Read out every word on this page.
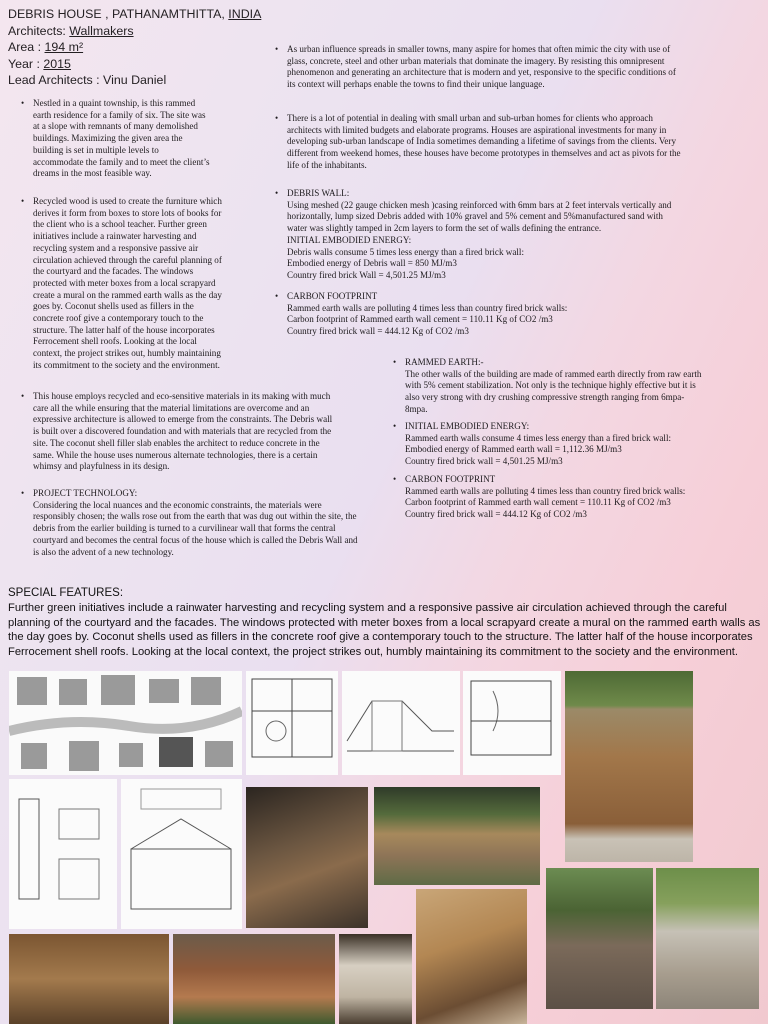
DEBRIS HOUSE , PATHANAMTHITTA, INDIA
Architects: Wallmakers
Area : 194 m²
Year : 2015
Lead Architects : Vinu Daniel
• Nestled in a quaint township, is this rammed
earth residence for a family of six. The site was
at a slope with remnants of many demolished
buildings. Maximizing the given area the
building is set in multiple levels to
accommodate the family and to meet the client’s
dreams in the most feasible way.
• Recycled wood is used to create the furniture which
derives it form from boxes to store lots of books for
the client who is a school teacher. Further green
initiatives include a rainwater harvesting and
recycling system and a responsive passive air
circulation achieved through the careful planning of
the courtyard and the facades. The windows
protected with meter boxes from a local scrapyard
create a mural on the rammed earth walls as the day
goes by. Coconut shells used as fillers in the
concrete roof give a contemporary touch to the
structure. The latter half of the house incorporates
Ferrocement shell roofs. Looking at the local
context, the project strikes out, humbly maintaining
its commitment to the society and the environment.
• This house employs recycled and eco-sensitive materials in its making with much
care all the while ensuring that the material limitations are overcome and an
expressive architecture is allowed to emerge from the constraints. The Debris wall
is built over a discovered foundation and with materials that are recycled from the
site. The coconut shell filler slab enables the architect to reduce concrete in the
same. While the house uses numerous alternate technologies, there is a certain
whimsy and playfulness in its design.
• PROJECT TECHNOLOGY:
Considering the local nuances and the economic constraints, the materials were
responsibly chosen; the walls rose out from the earth that was dug out within the site, the
debris from the earlier building is turned to a curvilinear wall that forms the central
courtyard and becomes the central focus of the house which is called the Debris Wall and
is also the advent of a new technology.
• As urban influence spreads in smaller towns, many aspire for homes that often mimic the city with use of
glass, concrete, steel and other urban materials that dominate the imagery. By resisting this omnipresent
phenomenon and generating an architecture that is modern and yet, responsive to the specific conditions of
its context will perhaps enable the towns to find their unique language.
• There is a lot of potential in dealing with small urban and sub-urban homes for clients who approach
architects with limited budgets and elaborate programs. Houses are aspirational investments for many in
developing sub-urban landscape of India sometimes demanding a lifetime of savings from the clients. Very
different from weekend homes, these houses have become prototypes in themselves and act as pivots for the
life of the inhabitants.
• DEBRIS WALL:
Using meshed (22 gauge chicken mesh )casing reinforced with 6mm bars at 2 feet intervals vertically and
horizontally, lump sized Debris added with 10% gravel and 5% cement and 5%manufactured sand with
water was slightly tamped in 2cm layers to form the set of walls defining the entrance.
INITIAL EMBODIED ENERGY:
Debris walls consume 5 times less energy than a fired brick wall:
Embodied energy of Debris wall = 850 MJ/m3
Country fired brick Wall = 4,501.25 MJ/m3
• CARBON FOOTPRINT
Rammed earth walls are polluting 4 times less than country fired brick walls:
Carbon footprint of Rammed earth wall cement = 110.11 Kg of CO2 /m3
Country fired brick wall = 444.12 Kg of CO2 /m3
• RAMMED EARTH:-
The other walls of the building are made of rammed earth directly from raw earth
with 5% cement stabilization. Not only is the technique highly effective but it is
also very strong with dry crushing compressive strength ranging from 6mpa-
8mpa.
• INITIAL EMBODIED ENERGY:
Rammed earth walls consume 4 times less energy than a fired brick wall:
Embodied energy of Rammed earth wall = 1,112.36 MJ/m3
Country fired brick wall = 4,501.25 MJ/m3
• CARBON FOOTPRINT
Rammed earth walls are polluting 4 times less than country fired brick walls:
Carbon footprint of Rammed earth wall cement = 110.11 Kg of CO2 /m3
Country fired brick wall = 444.12 Kg of CO2 /m3
SPECIAL FEATURES:
Further green initiatives include a rainwater harvesting and recycling system and a responsive passive air circulation achieved through the careful
planning of the courtyard and the facades. The windows protected with meter boxes from a local scrapyard create a mural on the rammed earth walls as
the day goes by. Coconut shells used as fillers in the concrete roof give a contemporary touch to the structure. The latter half of the house incorporates
Ferrocement shell roofs. Looking at the local context, the project strikes out, humbly maintaining its commitment to the society and the environment.
